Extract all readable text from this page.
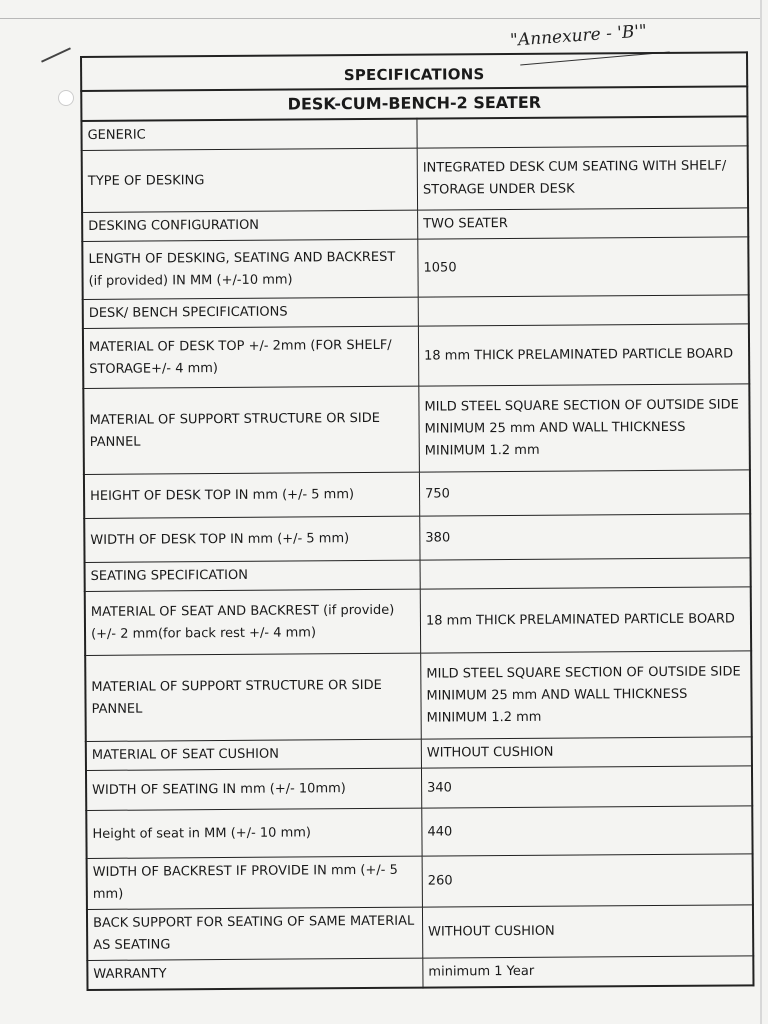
"Annexure - 'B'"
SPECIFICATIONS
DESK-CUM-BENCH-2 SEATER
GENERIC	
TYPE OF DESKING	INTEGRATED DESK CUM SEATING WITH SHELF/ STORAGE UNDER DESK
DESKING CONFIGURATION	TWO SEATER
LENGTH OF DESKING, SEATING AND BACKREST (if provided) IN MM (+/-10 mm)	1050
DESK/ BENCH SPECIFICATIONS	
MATERIAL OF DESK TOP +/- 2mm (FOR SHELF/ STORAGE+/- 4 mm)	18 mm THICK PRELAMINATED PARTICLE BOARD
MATERIAL OF SUPPORT STRUCTURE OR SIDE PANNEL	MILD STEEL SQUARE SECTION OF OUTSIDE SIDE MINIMUM 25 mm AND WALL THICKNESS MINIMUM 1.2 mm
HEIGHT OF DESK TOP IN mm (+/- 5 mm)	750
WIDTH OF DESK TOP IN mm (+/- 5 mm)	380
SEATING SPECIFICATION	
MATERIAL OF SEAT AND BACKREST (if provide) (+/- 2 mm(for back rest +/- 4 mm)	18 mm THICK PRELAMINATED PARTICLE BOARD
MATERIAL OF SUPPORT STRUCTURE OR SIDE PANNEL	MILD STEEL SQUARE SECTION OF OUTSIDE SIDE MINIMUM 25 mm AND WALL THICKNESS MINIMUM 1.2 mm
MATERIAL OF SEAT CUSHION	WITHOUT CUSHION
WIDTH OF SEATING IN mm (+/- 10mm)	340
Height of seat in MM (+/- 10 mm)	440
WIDTH OF BACKREST IF PROVIDE IN mm (+/- 5 mm)	260
BACK SUPPORT FOR SEATING OF SAME MATERIAL AS SEATING	WITHOUT CUSHION
WARRANTY	minimum 1 Year
